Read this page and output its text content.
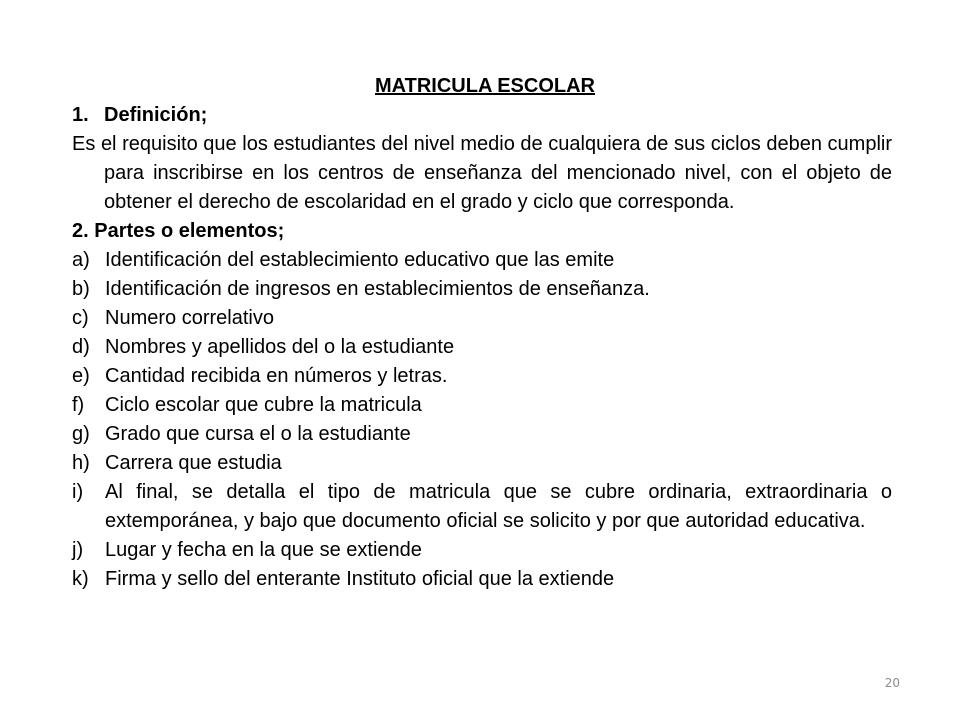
MATRICULA ESCOLAR

1. Definición;

Es el requisito que los estudiantes del nivel medio de cualquiera de sus ciclos deben cumplir para inscribirse en los centros de enseñanza del mencionado nivel, con el objeto de obtener el derecho de escolaridad en el grado y ciclo que corresponda.

2. Partes o elementos;

a) Identificación del establecimiento educativo que las emite
b) Identificación de ingresos en establecimientos de enseñanza.
c) Numero correlativo
d) Nombres y apellidos del o la estudiante
e) Cantidad recibida en números y letras.
f)	Ciclo escolar que cubre la matricula
g) Grado que cursa el o la estudiante
h) Carrera que estudia
i)	Al final, se detalla el tipo de matricula que se cubre ordinaria, extraordinaria o extemporánea, y bajo que documento oficial se solicito y por que autoridad educativa.
j)	Lugar y fecha en la que se extiende
k) Firma y sello del enterante Instituto oficial que la extiende
20
